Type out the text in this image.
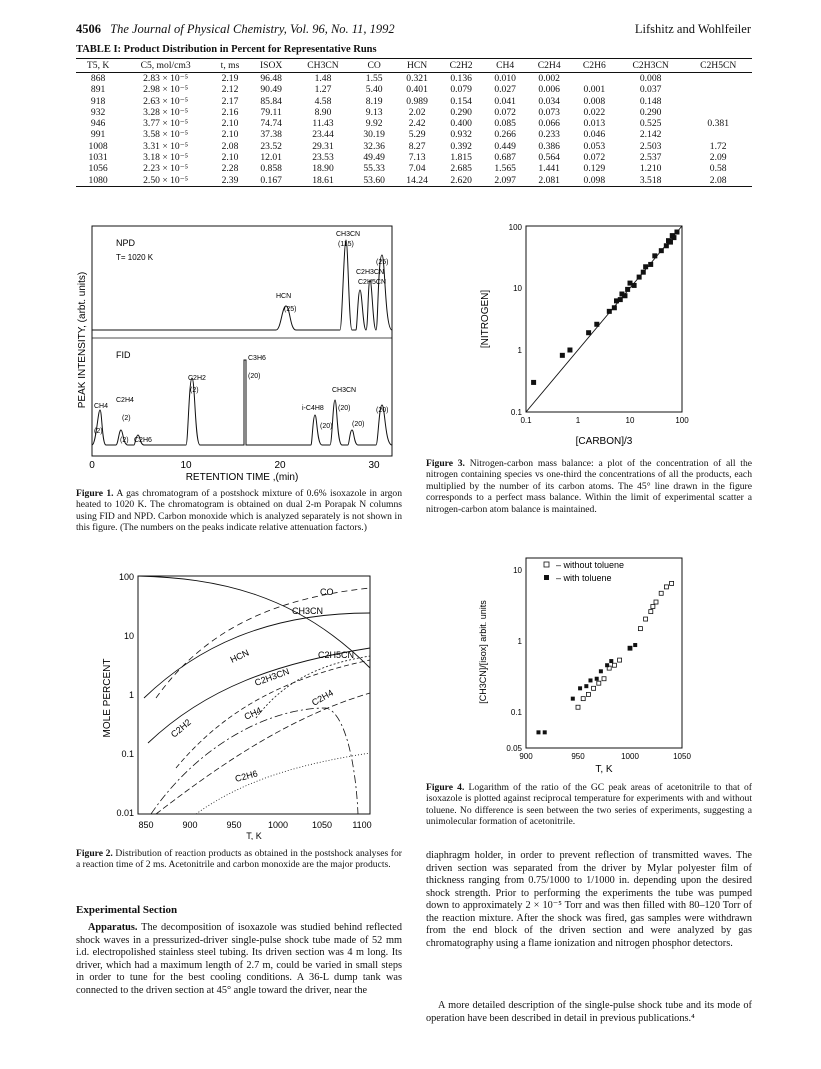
4506 The Journal of Physical Chemistry, Vol. 96, No. 11, 1992	Lifshitz and Wohlfeiler
TABLE I: Product Distribution in Percent for Representative Runs
T5, K	C5, mol/cm3	t, ms	ISOX	CH3CN	CO	HCN	C2H2	CH4	C2H4	C2H6	C2H3CN	C2H5CN
868	2.83 × 10⁻⁵	2.19	96.48	1.48	1.55	0.321	0.136	0.010	0.002		0.008	
891	2.98 × 10⁻⁵	2.12	90.49	1.27	5.40	0.401	0.079	0.027	0.006	0.001	0.037	
918	2.63 × 10⁻⁵	2.17	85.84	4.58	8.19	0.989	0.154	0.041	0.034	0.008	0.148	
932	3.28 × 10⁻⁵	2.16	79.11	8.90	9.13	2.02	0.290	0.072	0.073	0.022	0.290	
946	3.77 × 10⁻⁵	2.10	74.74	11.43	9.92	2.42	0.400	0.085	0.066	0.013	0.525	0.381
991	3.58 × 10⁻⁵	2.10	37.38	23.44	30.19	5.29	0.932	0.266	0.233	0.046	2.142	
1008	3.31 × 10⁻⁵	2.08	23.52	29.31	32.36	8.27	0.392	0.449	0.386	0.053	2.503	1.72
1031	3.18 × 10⁻⁵	2.10	12.01	23.53	49.49	7.13	1.815	0.687	0.564	0.072	2.537	2.09
1056	2.23 × 10⁻⁵	2.28	0.858	18.90	55.33	7.04	2.685	1.565	1.441	0.129	1.210	0.58
1080	2.50 × 10⁻⁵	2.39	0.167	18.61	53.60	14.24	2.620	2.097	2.081	0.098	3.518	2.08
PEAK INTENSITY, (arbt. units)
NPD
T= 1020 K
FID
HCN
(25)
CH3CN
(115)
C2H3CN
C2H5CN
(25)
CH4
(2)
C2H4
(2)
(2) C2H6
C2H2
(2)
C3H6
(20)
i-C4H8
(20)
CH3CN
(20)
(20)
(20)
0	10	20	30
RETENTION TIME ,(min)
Figure 1. A gas chromatogram of a postshock mixture of 0.6% isoxazole in argon heated to 1020 K. The chromatogram is obtained on dual 2-m Porapak N columns using FID and NPD. Carbon monoxide which is analyzed separately is not shown in this figure. (The numbers on the peaks indicate relative attenuation factors.)
MOLE PERCENT
100
10
1
0.1
0.01
850	900	950	1000	1050 1100
T, K
CO
CH3CN
HCN
C2H3CN
C2H5CN
CH4
C2H2
C2H4
C2H6
Figure 2. Distribution of reaction products as obtained in the postshock analyses for a reaction time of 2 ms. Acetonitrile and carbon monoxide are the major products.
Experimental Section
Apparatus. The decomposition of isoxazole was studied behind reflected shock waves in a pressurized-driver single-pulse shock tube made of 52 mm i.d. electropolished stainless steel tubing. Its driven section was 4 m long. Its driver, which had a maximum length of 2.7 m, could be varied in small steps in order to tune for the best cooling conditions. A 36-L dump tank was connected to the driven section at 45° angle toward the driver, near the
diaphragm holder, in order to prevent reflection of transmitted waves. The driven section was separated from the driver by Mylar polyester film of thickness ranging from 0.75/1000 to 1/1000 in. depending upon the desired shock strength. Prior to performing the experiments the tube was pumped down to approximately 2 × 10⁻⁵ Torr and was then filled with 80–120 Torr of the reaction mixture. After the shock was fired, gas samples were withdrawn from the end block of the driven section and were analyzed by gas chromatography using a flame ionization and nitrogen phosphor detectors.
A more detailed description of the single-pulse shock tube and its mode of operation have been described in detail in previous publications.⁴
[NITROGEN]
0.1
1
10
100
0.1	1	10	100
[CARBON]/3
Figure 3. Nitrogen-carbon mass balance: a plot of the concentration of all the nitrogen containing species vs one-third the concentrations of all the products, each multiplied by the number of its carbon atoms. The 45° line drawn in the figure corresponds to a perfect mass balance. Within the limit of experimental scatter a nitrogen-carbon atom balance is maintained.
[CH3CN]/[isox] arbit. units
10
1
0.1
0.05
900	950	1000	1050
T, K
– without toluene
– with toluene
Figure 4. Logarithm of the ratio of the GC peak areas of acetonitrile to that of isoxazole is plotted against reciprocal temperature for experiments with and without toluene. No difference is seen between the two series of experiments, suggesting a unimolecular formation of acetonitrile.
